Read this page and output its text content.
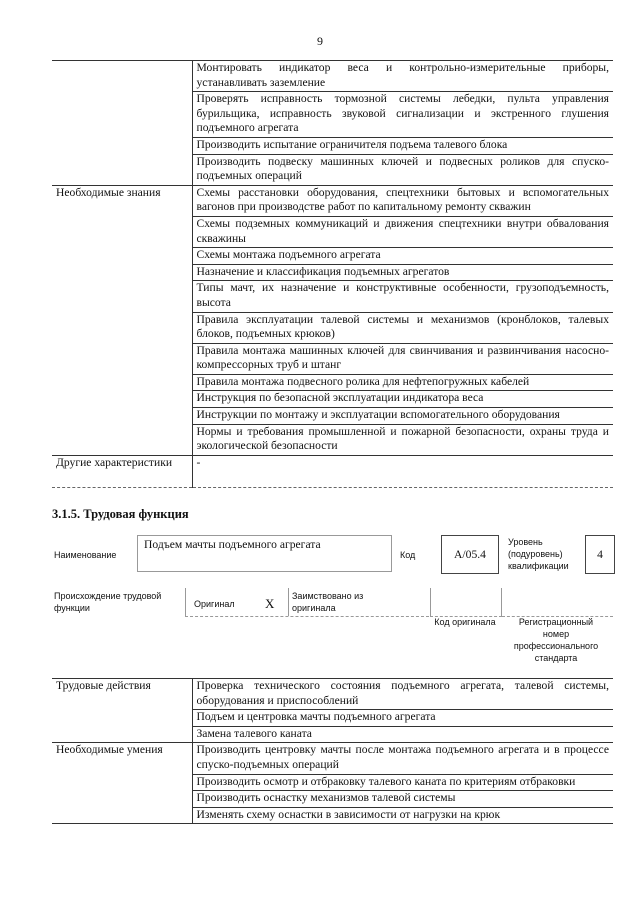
9
	Монтировать индикатор веса и контрольно-измерительные приборы, устанавливать заземление
	Проверять исправность тормозной системы лебедки, пульта управления бурильщика, исправность звуковой сигнализации и экстренного глушения подъемного агрегата
	Производить испытание ограничителя подъема талевого блока
	Производить подвеску машинных ключей и подвесных роликов для спуско-подъемных операций
Необходимые знания	Схемы расстановки оборудования, спецтехники бытовых и вспомогательных вагонов при производстве работ по капитальному ремонту скважин
	Схемы подземных коммуникаций и движения спецтехники внутри обвалования скважины
	Схемы монтажа подъемного агрегата
	Назначение и классификация подъемных агрегатов
	Типы мачт, их назначение и конструктивные особенности, грузоподъемность, высота
	Правила эксплуатации талевой системы и механизмов (кронблоков, талевых блоков, подъемных крюков)
	Правила монтажа машинных ключей для свинчивания и развинчивания насосно-компрессорных труб и штанг
	Правила монтажа подвесного ролика для нефтепогружных кабелей
	Инструкция по безопасной эксплуатации индикатора веса
	Инструкции по монтажу и эксплуатации вспомогательного оборудования
	Нормы и требования промышленной и пожарной безопасности, охраны труда и экологической безопасности
Другие характеристики	-
3.1.5. Трудовая функция
Наименование
Подъем мачты подъемного агрегата
Код	А/05.4
Уровень (подуровень) квалификации
4
Происхождение трудовой функции	Оригинал X Заимствовано из оригинала
Код оригинала	Регистрационный номер профессионального стандарта
Трудовые действия	Проверка технического состояния подъемного агрегата, талевой системы, оборудования и приспособлений
	Подъем и центровка мачты подъемного агрегата
	Замена талевого каната
Необходимые умения	Производить центровку мачты после монтажа подъемного агрегата и в процессе спуско-подъемных операций
	Производить осмотр и отбраковку талевого каната по критериям отбраковки
	Производить оснастку механизмов талевой системы
	Изменять схему оснастки в зависимости от нагрузки на крюк
